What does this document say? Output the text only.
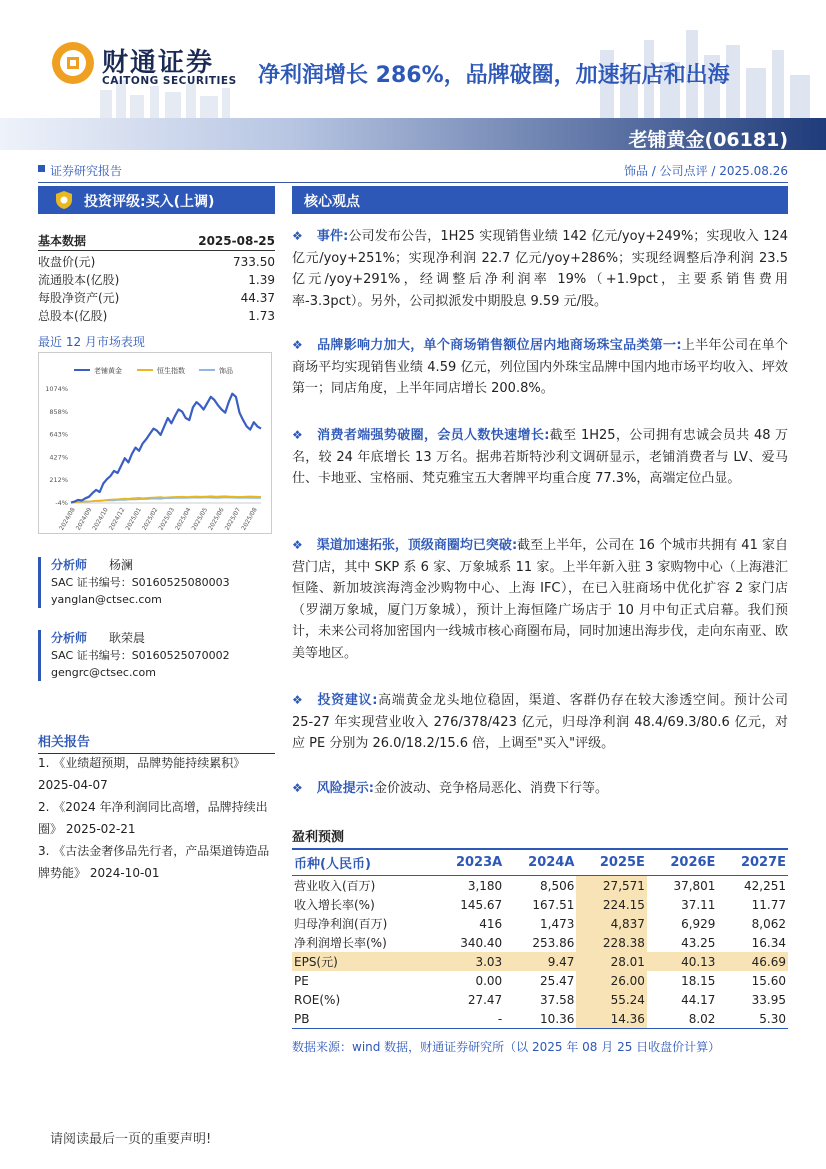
财通证券
CAITONG SECURITIES 净利润增长 286%，品牌破圈，加速拓店和出海
老铺黄金(06181)
证券研究报告	饰品 / 公司点评 / 2025.08.26
投资评级:买入(上调)
基本数据	2025-08-25
收盘价(元)	733.50
流通股本(亿股)	1.39
每股净资产(元)	44.37
总股本(亿股)	1.73
最近 12 月市场表现
老铺黄金	恒生指数	饰品
1074%
858%
643%
427%
212%
-4%
2024/08
2024/09
2024/10
2024/12
2025/01
2025/02
2025/03
2025/04
2025/05
2025/06
2025/07
2025/08
分析师 杨澜
SAC 证书编号：S0160525080003
yanglan@ctsec.com
分析师 耿荣晨
SAC 证书编号：S0160525070002
gengrc@ctsec.com
相关报告
1. 《业绩超预期，品牌势能持续累积》
2025-04-07
2. 《2024 年净利润同比高增，品牌持续出
圈》 2025-02-21
3. 《古法金奢侈品先行者，产品渠道铸造品
牌势能》 2024-10-01
核心观点
❖ 事件:公司发布公告，1H25 实现销售业绩 142 亿元/yoy+249%；实现收入 124 亿元/yoy+251%；实现净利润 22.7 亿元/yoy+286%；实现经调整后净利润 23.5 亿元/yoy+291%，经调整后净利润率 19%（+1.9pct，主要系销售费用率-3.3pct）。另外，公司拟派发中期股息 9.59 元/股。
❖ 品牌影响力加大，单个商场销售额位居内地商场珠宝品类第一:上半年公司在单个商场平均实现销售业绩 4.59 亿元，列位国内外珠宝品牌中国内地市场平均收入、坪效第一；同店角度，上半年同店增长 200.8%。
❖ 消费者端强势破圈，会员人数快速增长:截至 1H25，公司拥有忠诚会员共 48 万名，较 24 年底增长 13 万名。据弗若斯特沙利文调研显示，老铺消费者与 LV、爱马仕、卡地亚、宝格丽、梵克雅宝五大奢牌平均重合度 77.3%，高端定位凸显。
❖ 渠道加速拓张，顶级商圈均已突破:截至上半年，公司在 16 个城市共拥有 41 家自营门店，其中 SKP 系 6 家、万象城系 11 家。上半年新入驻 3 家购物中心（上海港汇恒隆、新加坡滨海湾金沙购物中心、上海 IFC），在已入驻商场中优化扩容 2 家门店（罗湖万象城，厦门万象城），预计上海恒隆广场店于 10 月中旬正式启幕。我们预计，未来公司将加密国内一线城市核心商圈布局，同时加速出海步伐，走向东南亚、欧美等地区。
❖ 投资建议:高端黄金龙头地位稳固，渠道、客群仍存在较大渗透空间。预计公司 25-27 年实现营业收入 276/378/423 亿元，归母净利润 48.4/69.3/80.6 亿元，对应 PE 分别为 26.0/18.2/15.6 倍，上调至"买入"评级。
❖ 风险提示:金价波动、竞争格局恶化、消费下行等。
盈利预测
币种(人民币)	2023A	2024A	2025E	2026E	2027E
营业收入(百万)	3,180	8,506	27,571	37,801	42,251
收入增长率(%)	145.67	167.51	224.15	37.11	11.77
归母净利润(百万)	416	1,473	4,837	6,929	8,062
净利润增长率(%)	340.40	253.86	228.38	43.25	16.34
EPS(元)	3.03	9.47	28.01	40.13	46.69
PE	0.00	25.47	26.00	18.15	15.60
ROE(%)	27.47	37.58	55.24	44.17	33.95
PB	-	10.36	14.36	8.02	5.30
数据来源：wind 数据，财通证券研究所（以 2025 年 08 月 25 日收盘价计算）
请阅读最后一页的重要声明!
